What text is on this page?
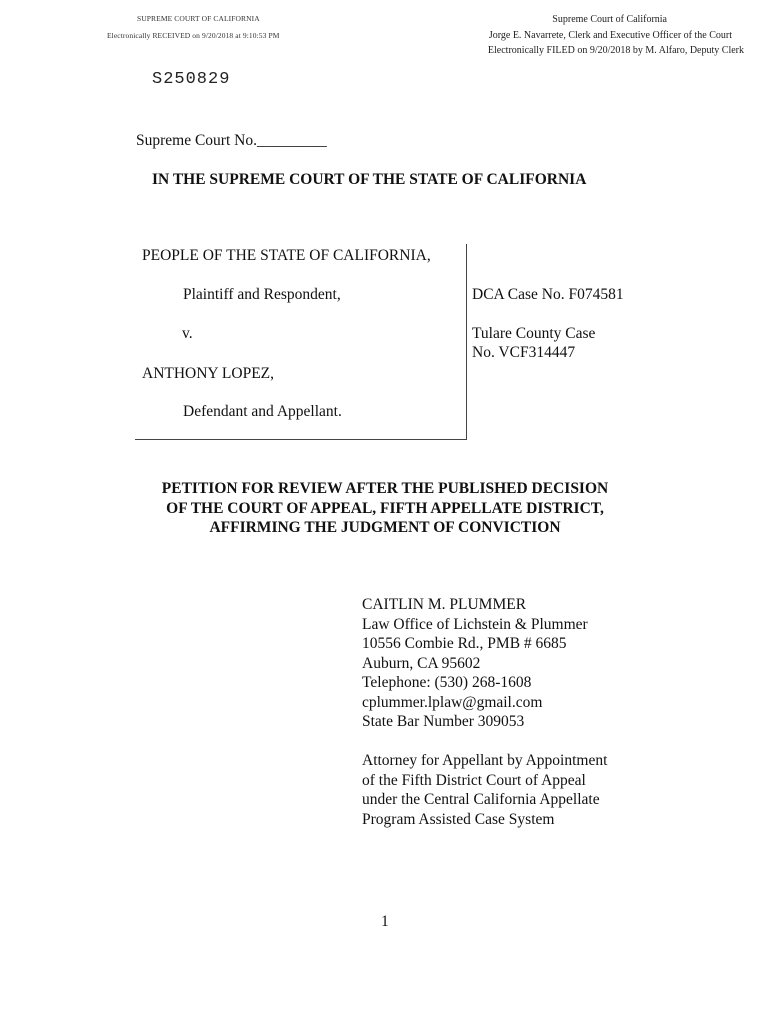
SUPREME COURT OF CALIFORNIA
Electronically RECEIVED on 9/20/2018 at 9:10:53 PM
Supreme Court of California
Jorge E. Navarrete, Clerk and Executive Officer of the Court
Electronically FILED on 9/20/2018 by M. Alfaro, Deputy Clerk
S250829
Supreme Court No._________
IN THE SUPREME COURT OF THE STATE OF CALIFORNIA
PEOPLE OF THE STATE OF CALIFORNIA,
Plaintiff and Respondent,
v.
ANTHONY LOPEZ,
Defendant and Appellant.
DCA Case No. F074581
Tulare County Case
No. VCF314447
PETITION FOR REVIEW AFTER THE PUBLISHED DECISION
OF THE COURT OF APPEAL, FIFTH APPELLATE DISTRICT,
AFFIRMING THE JUDGMENT OF CONVICTION
CAITLIN M. PLUMMER
Law Office of Lichstein & Plummer
10556 Combie Rd., PMB # 6685
Auburn, CA 95602
Telephone: (530) 268-1608
cplummer.lplaw@gmail.com
State Bar Number 309053
Attorney for Appellant by Appointment
of the Fifth District Court of Appeal
under the Central California Appellate
Program Assisted Case System
1
